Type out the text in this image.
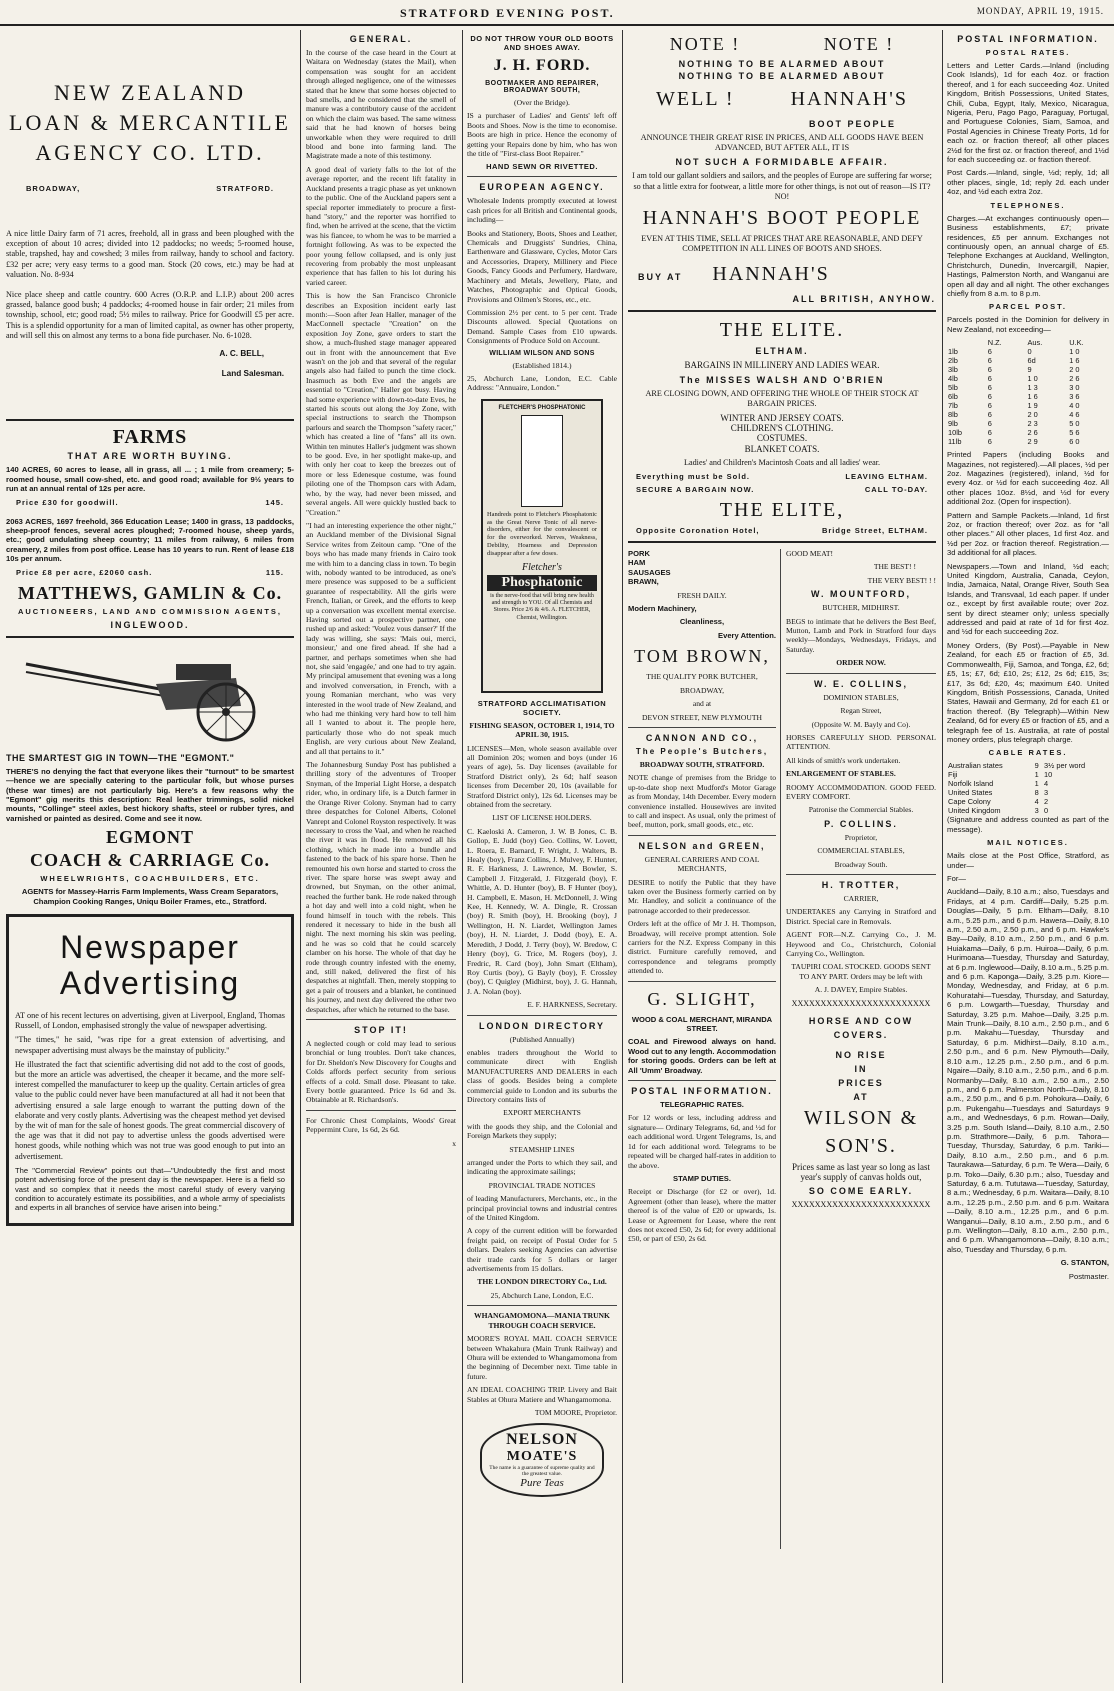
STRATFORD EVENING POST.	MONDAY, APRIL 19, 1915.
NEW ZEALAND
LOAN & MERCANTILE
AGENCY CO. LTD.
BROADWAY,	STRATFORD.

A nice little Dairy farm of 71 acres, freehold, all in grass and been ploughed with the exception of about 10 acres; divided into 12 paddocks; no weeds; 5-roomed house, stable, trapshed, hay and cowshed; 3 miles from railway, handy to school and factory. £32 per acre; very easy terms to a good man. Stock (20 cows, etc.) may be had at valuation. No. 8-934

Nice place sheep and cattle country. 600 Acres (O.R.P. and L.I.P.) about 200 acres grassed, balance good bush; 4 paddocks; 4-roomed house in fair order; 21 miles from township, school, etc; good road; 5½ miles to railway. Price for Goodwill £5 per acre. This is a splendid opportunity for a man of limited capital, as owner has other property, and will sell this on almost any terms to a bona fide purchaser. No. 6-1028.

A. C. BELL,

Land Salesman.

FARMS
THAT ARE WORTH BUYING.

140 ACRES, 60 acres to lease, all in grass, all ... ; 1 mile from creamery; 5-roomed house, small cow-shed, etc. and good road; available for 9½ years to run at an annual rental of 12s per acre.

Price £30 for goodwill.	145.

2063 ACRES, 1697 freehold, 366 Education Lease; 1400 in grass, 13 paddocks, sheep-proof fences, several acres ploughed; 7-roomed house, sheep yards, etc.; good undulating sheep country; 11 miles from railway, 6 miles from creamery, 2 miles from post office. Lease has 10 years to run. Rent of lease £18 10s per annum.

Price £8 per acre, £2060 cash.	115.
MATTHEWS, GAMLIN & Co.
AUCTIONEERS, LAND AND COMMISSION AGENTS,
INGLEWOOD.
THE SMARTEST GIG IN TOWN—THE "EGMONT."

THERE'S no denying the fact that everyone likes their "turnout" to be smartest—hence we are specially catering to the particular folk, but whose purses (these war times) are not particularly big. Here's a few reasons why the "Egmont" gig merits this description: Real leather trimmings, solid nickel mounts, "Collinge" steel axles, best hickory shafts, steel or rubber tyres, and varnished or painted as desired. Come and see it now.

EGMONT
COACH & CARRIAGE Co.
WHEELWRIGHTS, COACHBUILDERS, ETC.

AGENTS for Massey-Harris Farm Implements, Wass Cream Separators, Champion Cooking Ranges, Uniqu Boiler Frames, etc., Stratford.

Newspaper
Advertising

AT one of his recent lectures on advertising, given at Liverpool, England, Thomas Russell, of London, emphasised strongly the value of newspaper advertising.

"The times," he said, "was ripe for a great extension of advertising, and newspaper advertising must always be the mainstay of publicity."

He illustrated the fact that scientific advertising did not add to the cost of goods, but the more an article was advertised, the cheaper it became, and the more self-interest compelled the manufacturer to keep up the quality. Certain articles of grea value to the public could never have been manufactured at all had it not been that advertising ensured a sale large enough to warrant the putting down of the elaborate and very costly plants. Advertising was the cheapest method yet devised by the wit of man for the sale of honest goods. The great commercial discovery of the age was that it did not pay to advertise unless the goods advertised were honest goods, while nothing which was not true was good enough to put into an advertisement.

The "Commercial Review" points out that—"Undoubtedly the first and most potent advertising force of the present day is the newspaper. Here is a field so vast and so complex that it needs the most careful study of every varying condition to accurately estimate its possibilities, and a whole army of specialists and experts in all branches of service have arisen into being."

GENERAL.

In the course of the case heard in the Court at Waitara on Wednesday (states the Mail), when compensation was sought for an accident through alleged negligence, one of the witnesses stated that he knew that some horses objected to bad smells, and he considered that the smell of manure was a contributory cause of the accident on which the claim was based. The same witness said that he had known of horses being unworkable when they were required to drill blood and bone into farming land. The Magistrate made a note of this testimony.

A good deal of variety falls to the lot of the average reporter, and the recent lift fatality in Auckland presents a tragic phase as yet unknown to the public. One of the Auckland papers sent a special reporter immediately to procure a first-hand "story," and the reporter was horrified to find, when he arrived at the scene, that the victim was his fiancee, to whom he was to be married a fortnight following. As was to be expected the poor young fellow collapsed, and is only just recovering from probably the most unpleasant experience that has fallen to his lot during his varied career.

This is how the San Francisco Chronicle describes an Exposition incident early last month:—Soon after Jean Haller, manager of the MacConnell spectacle "Creation" on the exposition Joy Zone, gave orders to start the show, a much-flushed stage manager appeared out in front with the announcement that Eve wasn't on the job and that several of the regular angels also had failed to punch the time clock. Inasmuch as both Eve and the angels are essential to "Creation," Haller got busy. Having had some experience with down-to-date Eves, he started his scouts out along the Joy Zone, with special instructions to search the Thompson parlours and search the Thompson "safety racer," which has created a line of "fans" all its own. Within ten minutes Haller's judgment was shown to be good. Eve, in her spotlight make-up, and with only her coat to keep the breezes out of more or less Edenesque costume, was found piloting one of the Thompson cars with Adam, who, by the way, had never been missed, and several angels. All were quickly hustled back to "Creation."

"I had an interesting experience the other night," an Auckland member of the Divisional Signal Service writes from Zeitoun camp. "One of the boys who has made many friends in Cairo took me with him to a dancing class in town. To begin with, nobody wanted to be introduced, as one's mere presence was supposed to be a sufficient guarantee of respectability. All the girls were French, Italian, or Greek, and the efforts to keep up a conversation was excellent mental exercise. Having sorted out a prospective partner, one rushed up and asked: 'Voulez vous danser?' If the lady was willing, she says: 'Mais oui, merci, monsieur,' and one fired ahead. If she had a partner, and perhaps sometimes when she had not, she said 'engagée,' and one had to try again. My principal amusement that evening was a long and involved conversation, in French, with a young Romanian merchant, who was very interested in the wool trade of New Zealand, and who had me thinking very hard how to tell him all I wanted to about it. The people here, particularly those who do not speak much English, are very curious about New Zealand, and all that pertains to it."

The Johannesburg Sunday Post has published a thrilling story of the adventures of Trooper Snyman, of the Imperial Light Horse, a despatch rider, who, in ordinary life, is a Dutch farmer in the Orange River Colony. Snyman had to carry three despatches for Colonel Alberts, Colonel Vanrept and Colonel Royston respectively. It was necessary to cross the Vaal, and when he reached the river it was in flood. He removed all his clothing, which he made into a bundle and fastened to the back of his spare horse. Then he remounted his own horse and started to cross the river. The spare horse was swept away and drowned, but Snyman, on the other animal, reached the further bank. He rode naked through a hot day and well into a cold night, when he found himself in touch with the rebels. This rendered it necessary to hide in the bush all night. The next morning his skin was peeling, and he was so cold that he could scarcely clamber on his horse. The whole of that day he rode through country infested with the enemy, and, still naked, delivered the first of his despatches at nightfall. Then, merely stopping to get a pair of trousers and a blanket, he continued his journey, and next day delivered the other two despatches, after which he returned to the base.

STOP IT!

A neglected cough or cold may lead to serious bronchial or lung troubles. Don't take chances, for Dr. Sheldon's New Discovery for Coughs and Colds affords perfect security from serious effects of a cold. Small dose. Pleasant to take. Every bottle guaranteed. Price 1s 6d and 3s. Obtainable at R. Richardson's.

For Chronic Chest Complaints, Woods' Great Peppermint Cure, 1s 6d, 2s 6d.

x

DO NOT THROW YOUR OLD BOOTS AND SHOES AWAY.
J. H. FORD.
BOOTMAKER AND REPAIRER, BROADWAY SOUTH,

(Over the Bridge).

IS a purchaser of Ladies' and Gents' left off Boots and Shoes. Now is the time to economise. Boots are high in price. Hence the economy of getting your Repairs done by him, who has won the title of "First-class Boot Repairer."

HAND SEWN OR RIVETTED.
EUROPEAN AGENCY.

Wholesale Indents promptly executed at lowest cash prices for all British and Continental goods, including—

Books and Stationery, Boots, Shoes and Leather, Chemicals and Druggists' Sundries, China, Earthenware and Glassware, Cycles, Motor Cars and Accessories, Drapery, Millinery and Piece Goods, Fancy Goods and Perfumery, Hardware, Machinery and Metals, Jewellery, Plate, and Watches, Photographic and Optical Goods, Provisions and Oilmen's Stores, etc., etc.

Commission 2½ per cent. to 5 per cent. Trade Discounts allowed. Special Quotations on Demand. Sample Cases from £10 upwards. Consignments of Produce Sold on Account.

WILLIAM WILSON AND SONS

(Established 1814.)

25, Abchurch Lane, London, E.C. Cable Address: "Annuaire, London."

FLETCHER'S PHOSPHATONIC

Handreds point to Fletcher's Phosphatonic as the Great Nerve Tonic of all nerve-disorders, either for the convalescent or for the overworked. Nerves, Weakness, Debility, Hoarness and Depression disappear after a few doses.

Fletcher's
Phosphatonic

is the nerve-food that will bring new health and strength to YOU. Of all Chemists and Stores. Price 2/6 & 4/6. A. FLETCHER, Chemist, Wellington.

STRATFORD ACCLIMATISATION SOCIETY.

FISHING SEASON, OCTOBER 1, 1914, TO APRIL 30, 1915.

LICENSES—Men, whole season available over all Dominion 20s; women and boys (under 16 years of age), 5s. Day licenses (available for Stratford District only), 2s 6d; half season licenses from December 20, 10s (available for Stratford District only), 12s 6d. Licenses may be obtained from the secretary.

LIST OF LICENSE HOLDERS.

C. Kaeloski A. Cameron, J. W. B Jones, C. B. Gollop, E. Judd (boy) Geo. Collins, W. Lovett, L. Roera, E. Barnard, F. Wright, J. Walters, B. Healy (boy), Franz Collins, J. Mulvey, F. Hunter, R. F. Harkness, J. Lawrence, M. Bowler, S. Campbell J. Fitzgerald, J. Fitzgerald (boy), F. Whittle, A. D. Hunter (boy), B. F Hunter (boy), H. Campbell, E. Mason, H. McDonnell, J. Wing Kee, H. Kennedy, W. A. Dingle, R. Crossan (boy) R. Smith (boy), H. Brooking (boy), J Wellington, H. N. Liardet, Wellington James (boy), H. N. Liardet, J. Dodd (boy), E. A. Meredith, J Dodd, J. Terry (boy), W. Bredow, C Henry (boy), G. Trice, M. Rogers (boy), J. Fredric, R. Card (boy), John Smart (Eltham), Roy Curtis (boy), G Bayly (boy), F. Crossley (boy), C Quigley (Midhirst, boy), J. G. Hannah, J. A. Nolan (boy).

E. F. HARKNESS, Secretary.

LONDON DIRECTORY

(Published Annually)

enables traders throughout the World to communicate direct with English MANUFACTURERS AND DEALERS in each class of goods. Besides being a complete commercial guide to London and its suburbs the Directory contains lists of

EXPORT MERCHANTS

with the goods they ship, and the Colonial and Foreign Markets they supply;

STEAMSHIP LINES

arranged under the Ports to which they sail, and indicating the approximate sailings;

PROVINCIAL TRADE NOTICES

of leading Manufacturers, Merchants, etc., in the principal provincial towns and industrial centres of the United Kingdom.

A copy of the current edition will be forwarded freight paid, on receipt of Postal Order for 5 dollars. Dealers seeking Agencies can advertise their trade cards for 5 dollars or larger advertisements from 15 dollars.

THE LONDON DIRECTORY Co., Ltd.

25, Abchurch Lane, London, E.C.

WHANGAMOMONA—MANIA TRUNK THROUGH COACH SERVICE.

MOORE'S ROYAL MAIL COACH SERVICE between Whakahura (Main Trunk Railway) and Ohura will be extended to Whangamomona from the beginning of December next. Time table in future.

AN IDEAL COACHING TRIP. Livery and Bait Stables at Ohura Matiere and Whangamomona.

TOM MOORE, Proprietor.

NELSON
MOATE'S
The name is a guarantee of supreme quality and the greatest value.
Pure Teas
NOTE !	NOTE !
NOTHING TO BE ALARMED ABOUT
NOTHING TO BE ALARMED ABOUT
WELL !	HANNAH'S
BOOT PEOPLE

ANNOUNCE THEIR GREAT RISE IN PRICES, AND ALL GOODS HAVE BEEN ADVANCED, BUT AFTER ALL, IT IS

NOT SUCH A FORMIDABLE AFFAIR.

I am told our gallant soldiers and sailors, and the peoples of Europe are suffering far worse; so that a little extra for footwear, a little more for other things, is not out of reason—IS IT? NO!

HANNAH'S BOOT PEOPLE

EVEN AT THIS TIME, SELL AT PRICES THAT ARE REASONABLE, AND DEFY COMPETITION IN ALL LINES OF BOOTS AND SHOES.

BUY AT HANNAH'S
ALL BRITISH, ANYHOW.
THE ELITE.
ELTHAM.

BARGAINS IN MILLINERY AND LADIES WEAR.

The MISSES WALSH AND O'BRIEN

ARE CLOSING DOWN, AND OFFERING THE WHOLE OF THEIR STOCK AT BARGAIN PRICES.

WINTER AND JERSEY COATS.

CHILDREN'S CLOTHING.

COSTUMES.

BLANKET COATS.

Ladies' and Children's Macintosh Coats and all ladies' wear.

Everything must be Sold.	LEAVING ELTHAM.
SECURE A BARGAIN NOW.	CALL TO-DAY.
THE ELITE,
Opposite Coronation Hotel,	Bridge Street, ELTHAM.

PORK
HAM
SAUSAGES
BRAWN,

FRESH DAILY.

Modern Machinery,

Cleanliness,

Every Attention.

TOM BROWN,

THE QUALITY PORK BUTCHER,

BROADWAY,

and at

DEVON STREET, NEW PLYMOUTH

CANNON AND CO.,
The People's Butchers,

BROADWAY SOUTH, STRATFORD.

NOTE change of premises from the Bridge to up-to-date shop next Mudford's Motor Garage as from Monday, 14th December. Every modern convenience installed. Housewives are invited to call and inspect. As usual, only the primest of beef, mutton, pork, small goods, etc., etc.

NELSON and GREEN,

GENERAL CARRIERS AND COAL MERCHANTS,

DESIRE to notify the Public that they have taken over the Business formerly carried on by Mr. Handley, and solicit a continuance of the patronage accorded to their predecessor.

Orders left at the office of Mr J. H. Thompson, Broadway, will receive prompt attention. Sole carriers for the N.Z. Express Company in this district. Furniture carefully removed, and correspondence and telegrams promptly attended to.

G. SLIGHT,

WOOD & COAL MERCHANT, MIRANDA STREET.

COAL and Firewood always on hand. Wood cut to any length. Accommodation for storing goods. Orders can be left at All 'Umm' Broadway.

POSTAL INFORMATION.

TELEGRAPHIC RATES.

For 12 words or less, including address and signature— Ordinary Telegrams, 6d, and ½d for each additional word. Urgent Telegrams, 1s, and 1d for each additional word. Telegrams to be repeated will be charged half-rates in addition to the above.

STAMP DUTIES.

Receipt or Discharge (for £2 or over), 1d. Agreement (other than lease), where the matter thereof is of the value of £20 or upwards, 1s. Lease or Agreement for Lease, where the rent does not exceed £50, 2s 6d; for every additional £50, or part of £50, 2s 6d.

GOOD MEAT!

THE BEST! !

THE VERY BEST! ! !

W. MOUNTFORD,

BUTCHER, MIDHIRST.

BEGS to intimate that he delivers the Best Beef, Mutton, Lamb and Pork in Stratford four days weekly—Mondays, Wednesdays, Fridays, and Saturday.

ORDER NOW.

W. E. COLLINS,

DOMINION STABLES,

Regan Street,

(Opposite W. M. Bayly and Co).

HORSES CAREFULLY SHOD. PERSONAL ATTENTION.

All kinds of smith's work undertaken.

ENLARGEMENT OF STABLES.

ROOMY ACCOMMODATION. GOOD FEED. EVERY COMFORT.

Patronise the Commercial Stables.

P. COLLINS.

Proprietor,

COMMERCIAL STABLES,

Broadway South.

H. TROTTER,

CARRIER,

UNDERTAKES any Carrying in Stratford and District. Special care in Removals.

AGENT FOR—N.Z. Carrying Co., J. M. Heywood and Co., Christchurch, Colonial Carrying Co., Wellington.

TAUPIRI COAL STOCKED. GOODS SENT TO ANY PART. Orders may be left with

A. J. DAVEY, Empire Stables.

XXXXXXXXXXXXXXXXXXXXXXXX
HORSE AND COW
COVERS.
NO RISE
IN
PRICES
AT
WILSON &
SON'S.

Prices same as last year so long as last year's supply of canvas holds out,

SO COME EARLY.
XXXXXXXXXXXXXXXXXXXXXXXX
POSTAL INFORMATION.
POSTAL RATES.

Letters and Letter Cards.—Inland (including Cook Islands), 1d for each 4oz. or fraction thereof, and 1 for each succeeding 4oz. United Kingdom, British Possessions, United States, Chili, Cuba, Egypt, Italy, Mexico, Nicaragua, Nigeria, Peru, Pago Pago, Paraguay, Portugal, and Portuguese Colonies, Siam, Samoa, and Postal Agencies in Chinese Treaty Ports, 1d for each oz. or fraction thereof; all other places 2½d for the first oz. or fraction thereof, and 1½d for each succeeding oz. or fraction thereof.

Post Cards.—Inland, single, ½d; reply, 1d; all other places, single, 1d; reply 2d. each under 4oz, and ½d each extra 2oz.

TELEPHONES.

Charges.—At exchanges continuously open—Business establishments, £7; private residences, £5 per annum. Exchanges not continuously open, an annual charge of £5. Telephone Exchanges at Auckland, Wellington, Christchurch, Dunedin, Invercargill, Napier, Hastings, Palmerston North, and Wanganui are open all day and all night. The other exchanges chiefly from 8 a.m. to 8 p.m.

PARCEL POST.

Parcels posted in the Dominion for delivery in New Zealand, not exceeding—

	N.Z.	Aus.	U.K.
1lb	6	0	1 0
2lb	6	6d	1 6
3lb	6	9	2 0
4lb	6	1 0	2 6
5lb	6	1 3	3 0
6lb	6	1 6	3 6
7lb	6	1 9	4 0
8lb	6	2 0	4 6
9lb	6	2 3	5 0
10lb	6	2 6	5 6
11lb	6	2 9	6 0

Printed Papers (including Books and Magazines, not registered).—All places, ½d per 2oz. Magazines (registered), inland, ½d for every 4oz. or ½d for each succeeding 4oz. All other places 10oz. 8½d, and ½d for every additional 2oz. (Open for inspection).

Pattern and Sample Packets.—Inland, 1d first 2oz, or fraction thereof; over 2oz. as for "all other places." All other places, 1d first 4oz. and ½d per 2oz. or fraction thereof. Registration.—3d additional for all places.

Newspapers.—Town and Inland, ½d each; United Kingdom, Australia, Canada, Ceylon, India, Jamaica, Natal, Orange River, South Sea Islands, and Transvaal, 1d each paper. If under oz., except by first available route; over 2oz. sent by direct steamer only; unless specially addressed and paid at rate of 1d for first 4oz. and ½d for each succeeding 2oz.

Money Orders, (By Post).—Payable in New Zealand, for each £5 or fraction of £5, 3d. Commonwealth, Fiji, Samoa, and Tonga, £2, 6d; £5, 1s; £7, 6d; £10, 2s; £12, 2s 6d; £15, 3s; £17, 3s 6d; £20, 4s; maximum £40. United Kingdom, British Possessions, Canada, United States, Hawaii and Germany, 2d for each £1 or fraction thereof. (By Telegraph)—Within New Zealand, 6d for every £5 or fraction of £5, and a telegraph fee of 1s. Australia, at rate of postal money orders, plus telegraph charge.

CABLE RATES.
Australian states	9	3½ per word
Fiji	1	10
Norfolk Island	1	4
United States	8	3
Cape Colony	4	2
United Kingdom	3	0

(Signature and address counted as part of the message).

MAIL NOTICES.

Mails close at the Post Office, Stratford, as under—

For—

Auckland—Daily, 8.10 a.m.; also, Tuesdays and Fridays, at 4 p.m. Cardiff—Daily, 5.25 p.m. Douglas—Daily, 5 p.m. Eltham—Daily, 8.10 a.m., 5.25 p.m., and 6 p.m. Hawera—Daily, 8.10 a.m., 2.50 a.m., 2.50 p.m., and 6 p.m. Hawke's Bay—Daily, 8.10 a.m., 2.50 p.m., and 6 p.m. Huiakama—Daily, 6 p.m. Huiroa—Daily, 6 p.m. Hurimoana—Tuesday, Thursday and Saturday, at 6 p.m. Inglewood—Daily, 8.10 a.m., 5.25 p.m. and 6 p.m. Kaponga—Daily, 3.25 p.m. Kiore—Monday, Wednesday, and Friday, at 6 p.m. Kohuratahi—Tuesday, Thursday, and Saturday, 6 p.m. Lowgarth—Tuesday, Thursday and Saturday, 3.25 p.m. Mahoe—Daily, 3.25 p.m. Main Trunk—Daily, 8.10 a.m., 2.50 p.m., and 6 p.m. Makahu—Tuesday, Thursday and Saturday, 6 p.m. Midhirst—Daily, 8.10 a.m., 2.50 p.m., and 6 p.m. New Plymouth—Daily, 8.10 a.m., 12.25 p.m., 2.50 p.m., and 6 p.m. Ngaire—Daily, 8.10 a.m., 2.50 p.m., and 6 p.m. Normanby—Daily, 8.10 a.m., 2.50 a.m., 2.50 p.m., and 6 p.m. Palmerston North—Daily, 8.10 a.m., 2.50 p.m., and 6 p.m. Pohokura—Daily, 6 p.m. Pukengahu—Tuesdays and Saturdays 9 a.m., and Wednesdays, 6 p.m. Rowan—Daily, 3.25 p.m. South Island—Daily, 8.10 a.m., 2.50 p.m. Strathmore—Daily, 6 p.m. Tahora—Tuesday, Thursday, Saturday, 6 p.m. Tariki—Daily, 8.10 a.m., 2.50 p.m., and 6 p.m. Taurakawa—Saturday, 6 p.m. Te Wera—Daily, 6 p.m. Toko—Daily, 6.30 p.m.; also, Tuesday and Saturday, 6 a.m. Tututawa—Tuesday, Saturday, 8 a.m.; Wednesday, 6 p.m. Waitara—Daily, 8.10 a.m., 12.25 p.m., 2.50 p.m. and 6 p.m. Waitara—Daily, 8.10 a.m., 12.25 p.m., and 6 p.m. Wanganui—Daily, 8.10 a.m., 2.50 p.m., and 6 p.m. Wellington—Daily, 8.10 a.m., 2.50 p.m., and 6 p.m. Whangamomona—Daily, 8.10 a.m.; also, Tuesday and Thursday, 6 p.m.

G. STANTON,

Postmaster.
